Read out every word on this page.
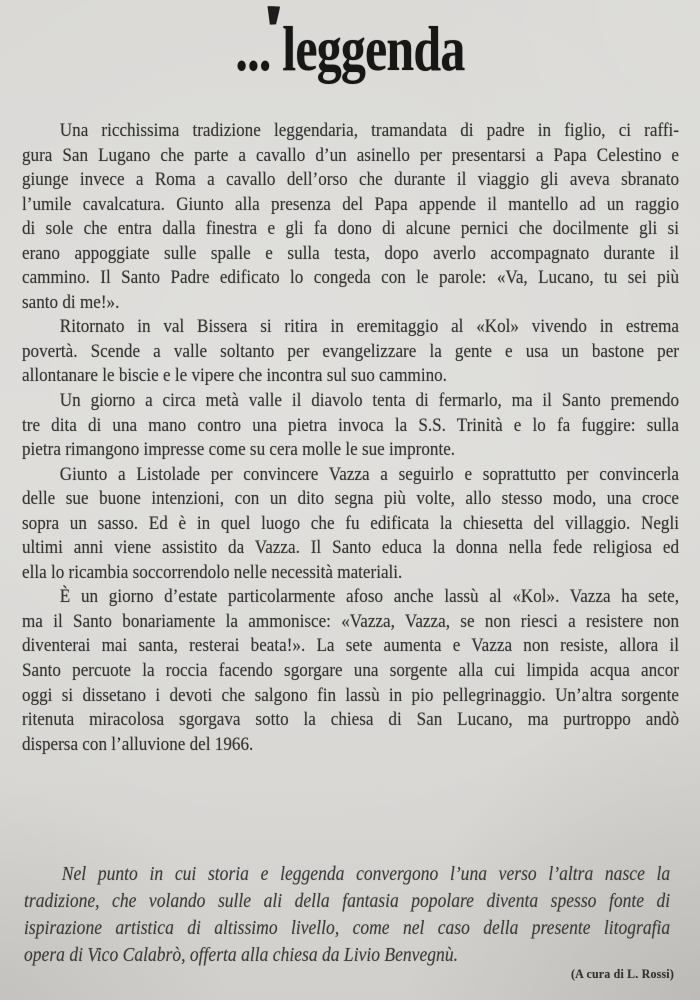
... leggenda
Una ricchissima tradizione leggendaria, tramandata di padre in figlio, ci raffi-
gura San Lugano che parte a cavallo d’un asinello per presentarsi a Papa Celestino e
giunge invece a Roma a cavallo dell’orso che durante il viaggio gli aveva sbranato
l’umile cavalcatura. Giunto alla presenza del Papa appende il mantello ad un raggio
di sole che entra dalla finestra e gli fa dono di alcune pernici che docilmente gli si
erano appoggiate sulle spalle e sulla testa, dopo averlo accompagnato durante il
cammino. Il Santo Padre edificato lo congeda con le parole: «Va, Lucano, tu sei più
santo di me!».
Ritornato in val Bissera si ritira in eremitaggio al «Kol» vivendo in estrema
povertà. Scende a valle soltanto per evangelizzare la gente e usa un bastone per
allontanare le biscie e le vipere che incontra sul suo cammino.
Un giorno a circa metà valle il diavolo tenta di fermarlo, ma il Santo premendo
tre dita di una mano contro una pietra invoca la S.S. Trinità e lo fa fuggire: sulla
pietra rimangono impresse come su cera molle le sue impronte.
Giunto a Listolade per convincere Vazza a seguirlo e soprattutto per convincerla
delle sue buone intenzioni, con un dito segna più volte, allo stesso modo, una croce
sopra un sasso. Ed è in quel luogo che fu edificata la chiesetta del villaggio. Negli
ultimi anni viene assistito da Vazza. Il Santo educa la donna nella fede religiosa ed
ella lo ricambia soccorrendolo nelle necessità materiali.
È un giorno d’estate particolarmente afoso anche lassù al «Kol». Vazza ha sete,
ma il Santo bonariamente la ammonisce: «Vazza, Vazza, se non riesci a resistere non
diventerai mai santa, resterai beata!». La sete aumenta e Vazza non resiste, allora il
Santo percuote la roccia facendo sgorgare una sorgente alla cui limpida acqua ancor
oggi si dissetano i devoti che salgono fin lassù in pio pellegrinaggio. Un’altra sorgente
ritenuta miracolosa sgorgava sotto la chiesa di San Lucano, ma purtroppo andò
dispersa con l’alluvione del 1966.
Nel punto in cui storia e leggenda convergono l’una verso l’altra nasce la
tradizione, che volando sulle ali della fantasia popolare diventa spesso fonte di
ispirazione artistica di altissimo livello, come nel caso della presente litografia
opera di Vico Calabrò, offerta alla chiesa da Livio Benvegnù.
(A cura di L. Rossi)
